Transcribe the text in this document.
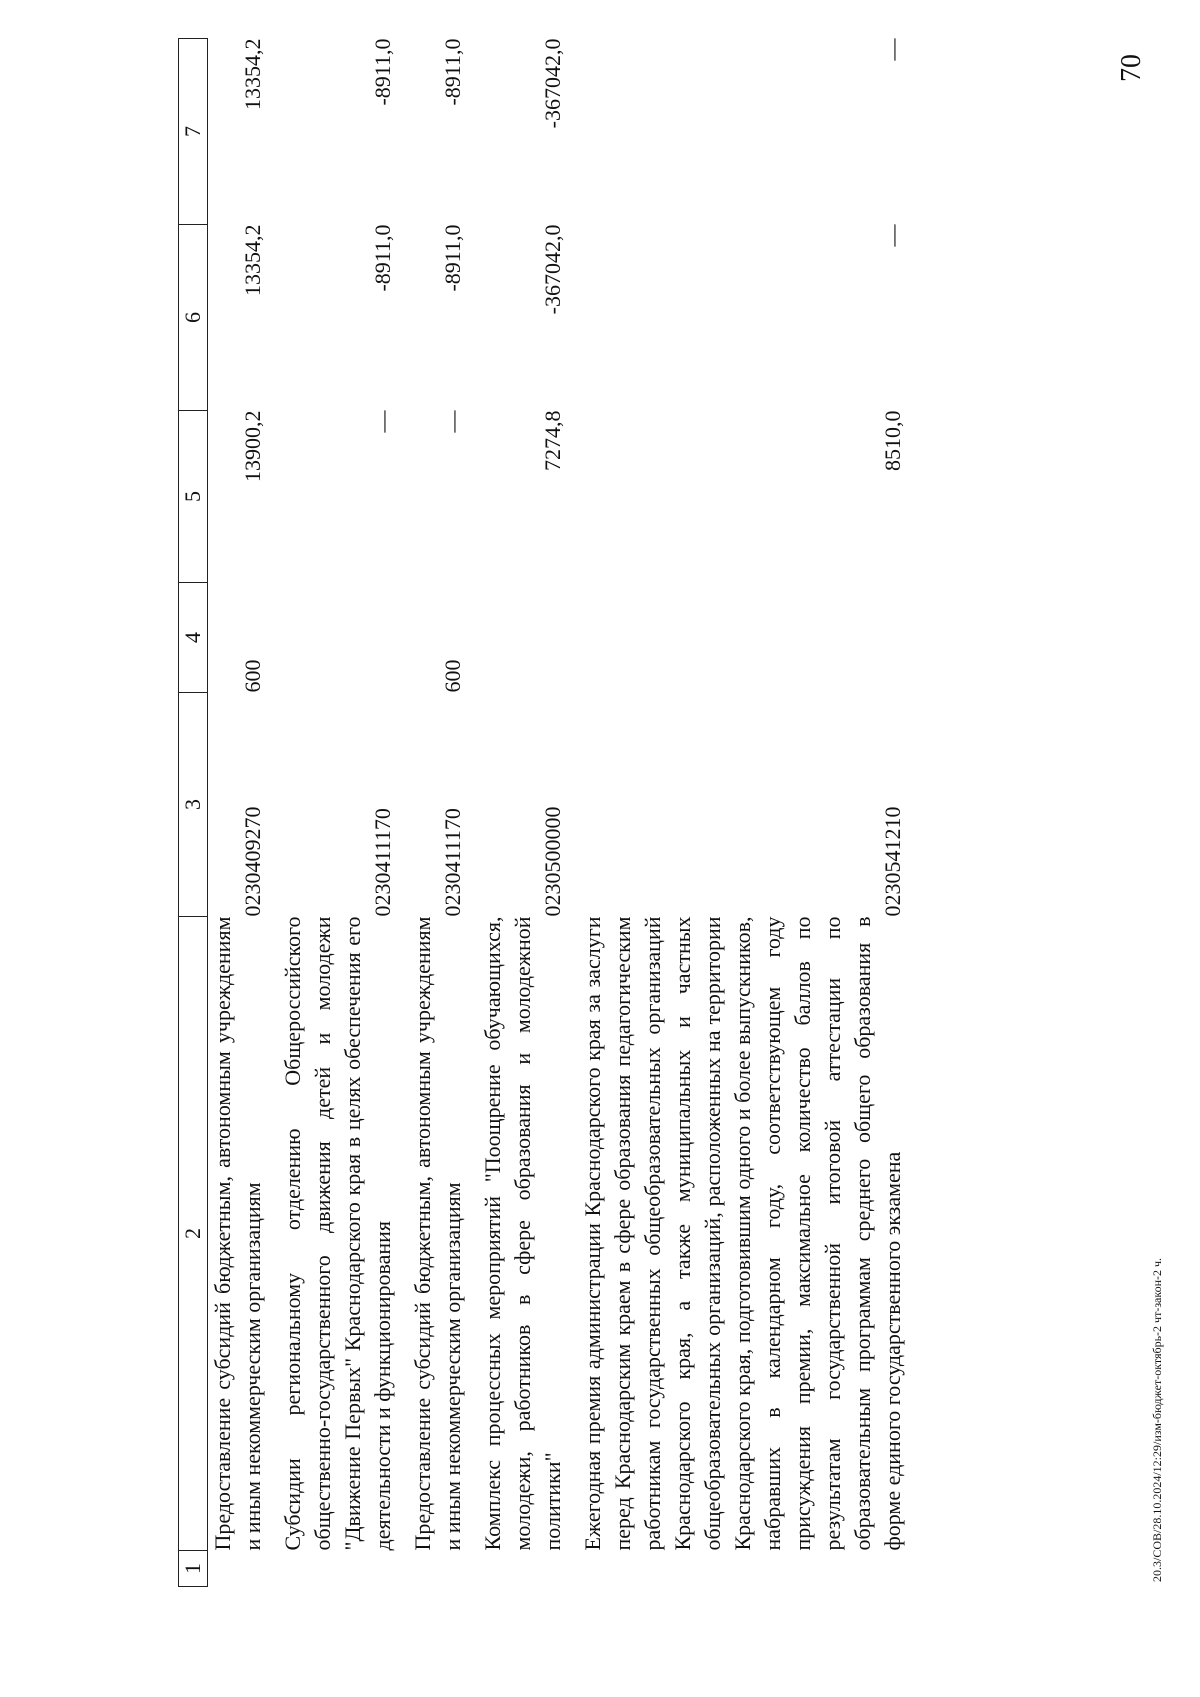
70
1	2	3	4	5	6	7
	Предоставление субсидий бюджетным, автономным учреждениям и иным некоммерческим организациям	0230409270	600	13900,2	13354,2	13354,2
	Субсидии региональному отделению Общероссийского общественно-государственного движения детей и молодежи "Движение Первых" Краснодарского края в целях обеспечения его деятельности и функционирования	0230411170		—	-8911,0	-8911,0
	Предоставление субсидий бюджетным, автономным учреждениям и иным некоммерческим организациям	0230411170	600	—	-8911,0	-8911,0
	Комплекс процессных мероприятий "Поощрение обучающихся, молодежи, работников в сфере образования и молодежной политики"	0230500000		7274,8	-367042,0	-367042,0
	Ежегодная премия администрации Краснодарского края за заслуги перед Краснодарским краем в сфере образования педагогическим работникам государственных общеобразовательных организаций Краснодарского края, а также муниципальных и частных общеобразовательных организаций, расположенных на территории Краснодарского края, подготовившим одного и более выпускников, набравших в календарном году, соответствующем году присуждения премии, максимальное количество баллов по результатам государственной итоговой аттестации по образовательным программам среднего общего образования в форме единого государственного экзамена	0230541210		8510,0	—	—
20.3/СОВ/28.10.2024/12:29/изм-бюджет-октябрь-2 чт-закон-2 ч.
